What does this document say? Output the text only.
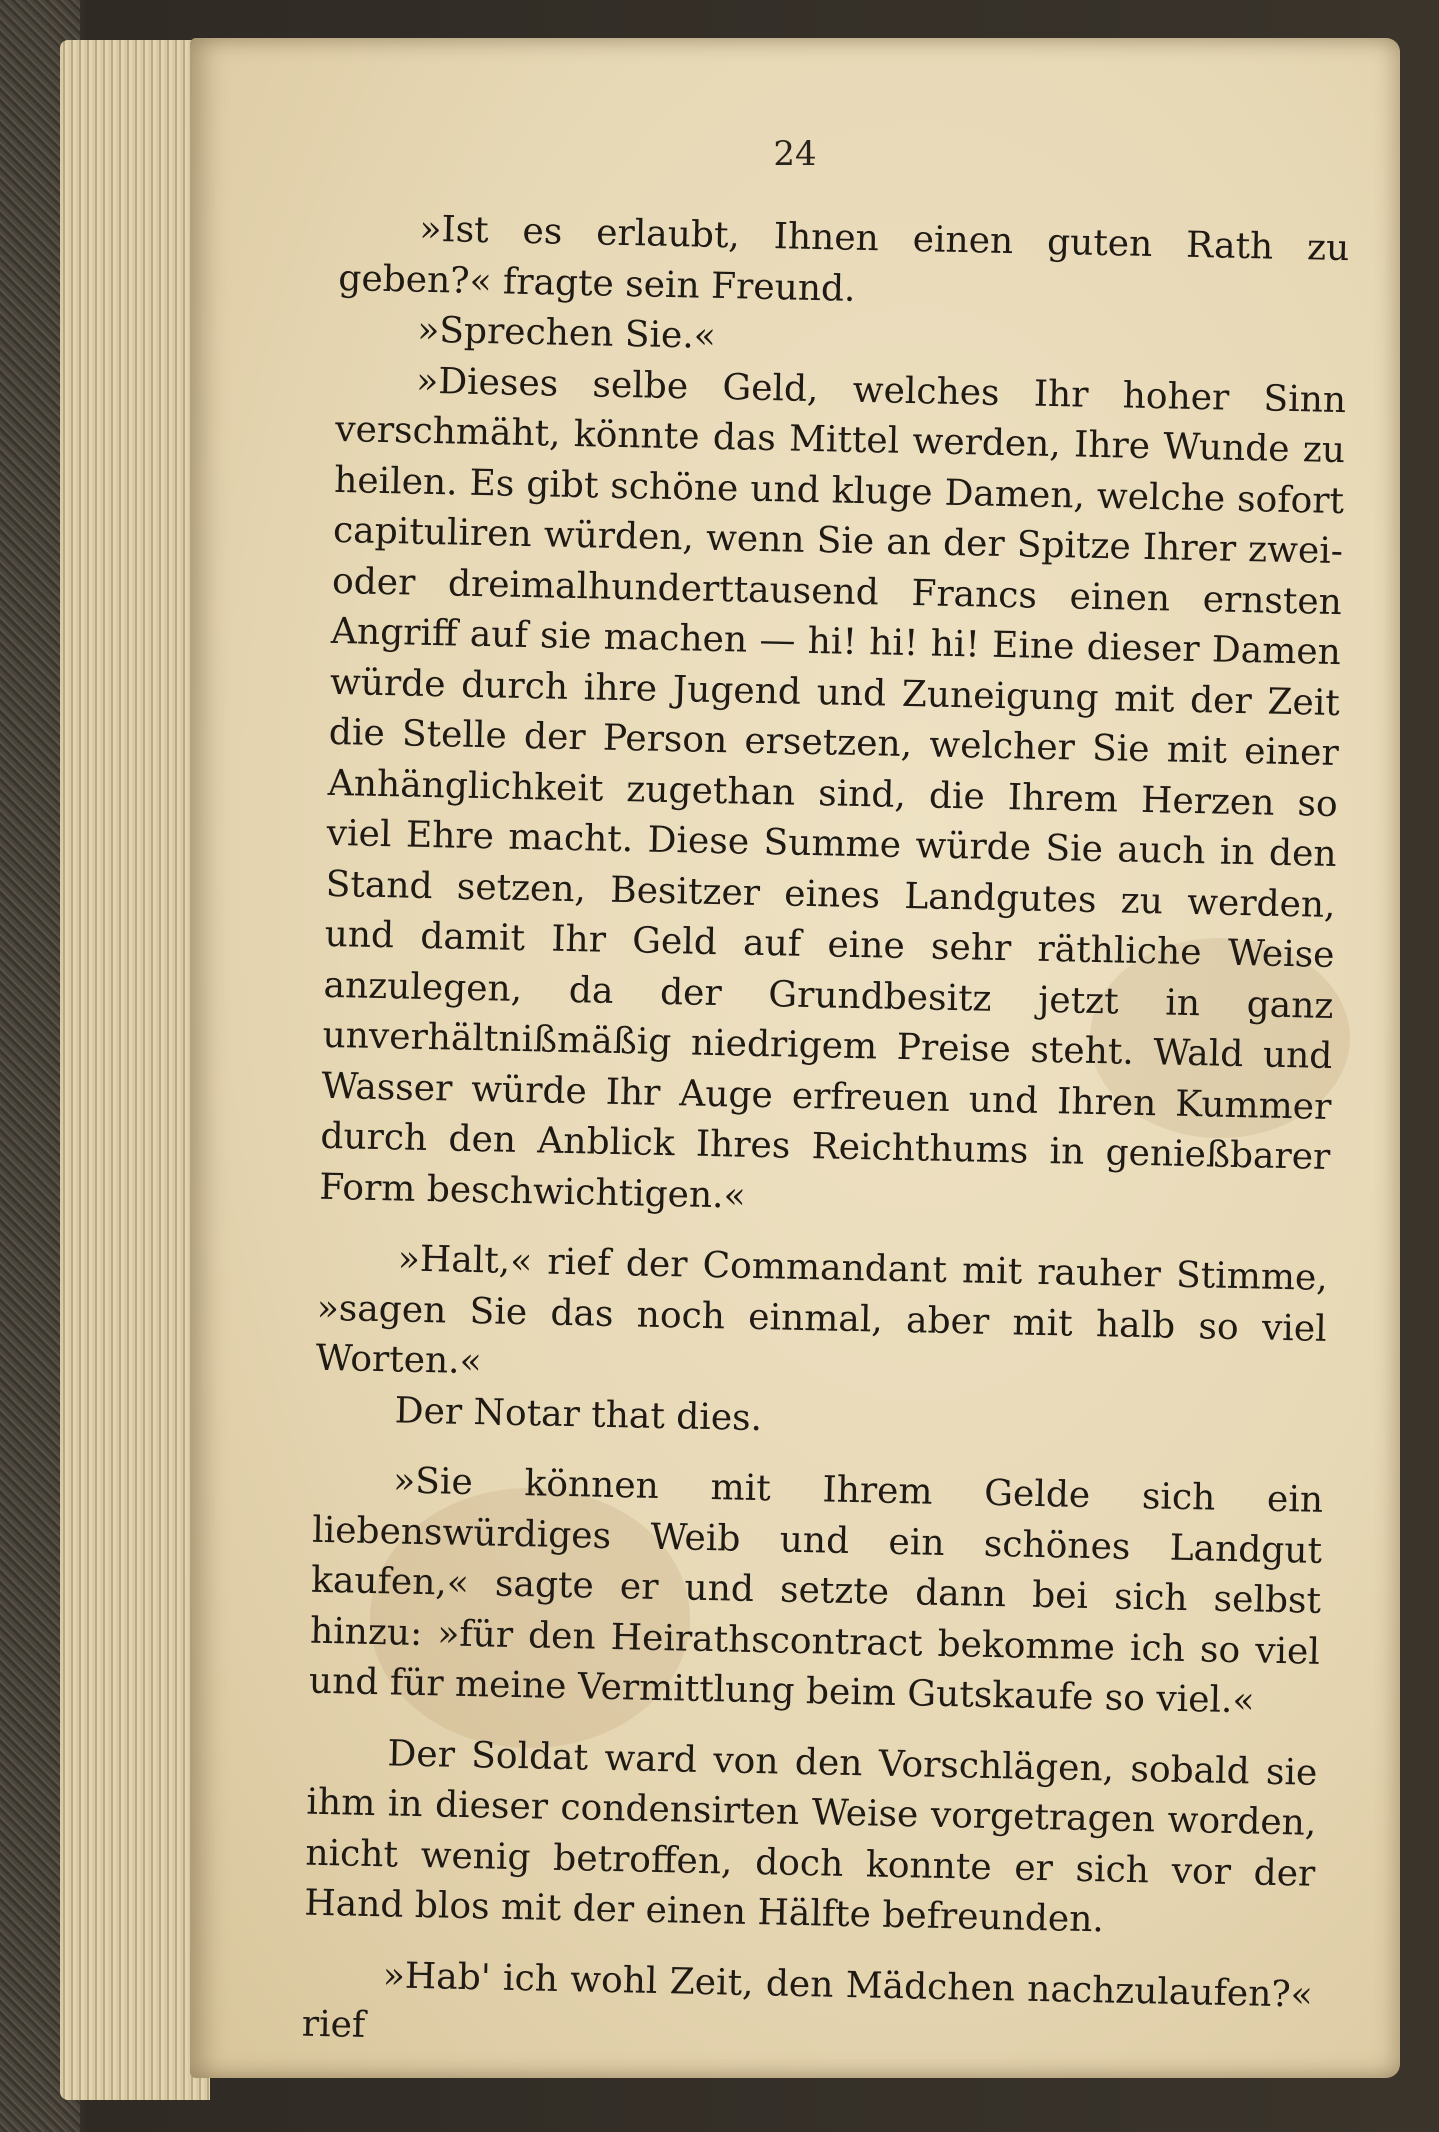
24

»Ist es erlaubt, Ihnen einen guten Rath zu geben?« fragte sein Freund.

»Sprechen Sie.«

»Dieses selbe Geld, welches Ihr hoher Sinn verschmäht, könnte das Mittel werden, Ihre Wunde zu heilen. Es gibt schöne und kluge Damen, welche sofort capituliren würden, wenn Sie an der Spitze Ihrer zwei- oder dreimalhunderttausend Francs einen ernsten Angriff auf sie machen — hi! hi! hi! Eine dieser Damen würde durch ihre Jugend und Zuneigung mit der Zeit die Stelle der Person ersetzen, welcher Sie mit einer Anhänglichkeit zugethan sind, die Ihrem Herzen so viel Ehre macht. Diese Summe würde Sie auch in den Stand setzen, Besitzer eines Landgutes zu werden, und damit Ihr Geld auf eine sehr räthliche Weise anzulegen, da der Grundbesitz jetzt in ganz unverhältnißmäßig niedrigem Preise steht. Wald und Wasser würde Ihr Auge erfreuen und Ihren Kummer durch den Anblick Ihres Reichthums in genießbarer Form beschwichtigen.«

»Halt,« rief der Commandant mit rauher Stimme, »sagen Sie das noch einmal, aber mit halb so viel Worten.«

Der Notar that dies.

»Sie können mit Ihrem Gelde sich ein liebenswürdiges Weib und ein schönes Landgut kaufen,« sagte er und setzte dann bei sich selbst hinzu: »für den Heirathscontract bekomme ich so viel und für meine Vermittlung beim Gutskaufe so viel.«

Der Soldat ward von den Vorschlägen, sobald sie ihm in dieser condensirten Weise vorgetragen worden, nicht wenig betroffen, doch konnte er sich vor der Hand blos mit der einen Hälfte befreunden.

»Hab' ich wohl Zeit, den Mädchen nachzulaufen?« rief
